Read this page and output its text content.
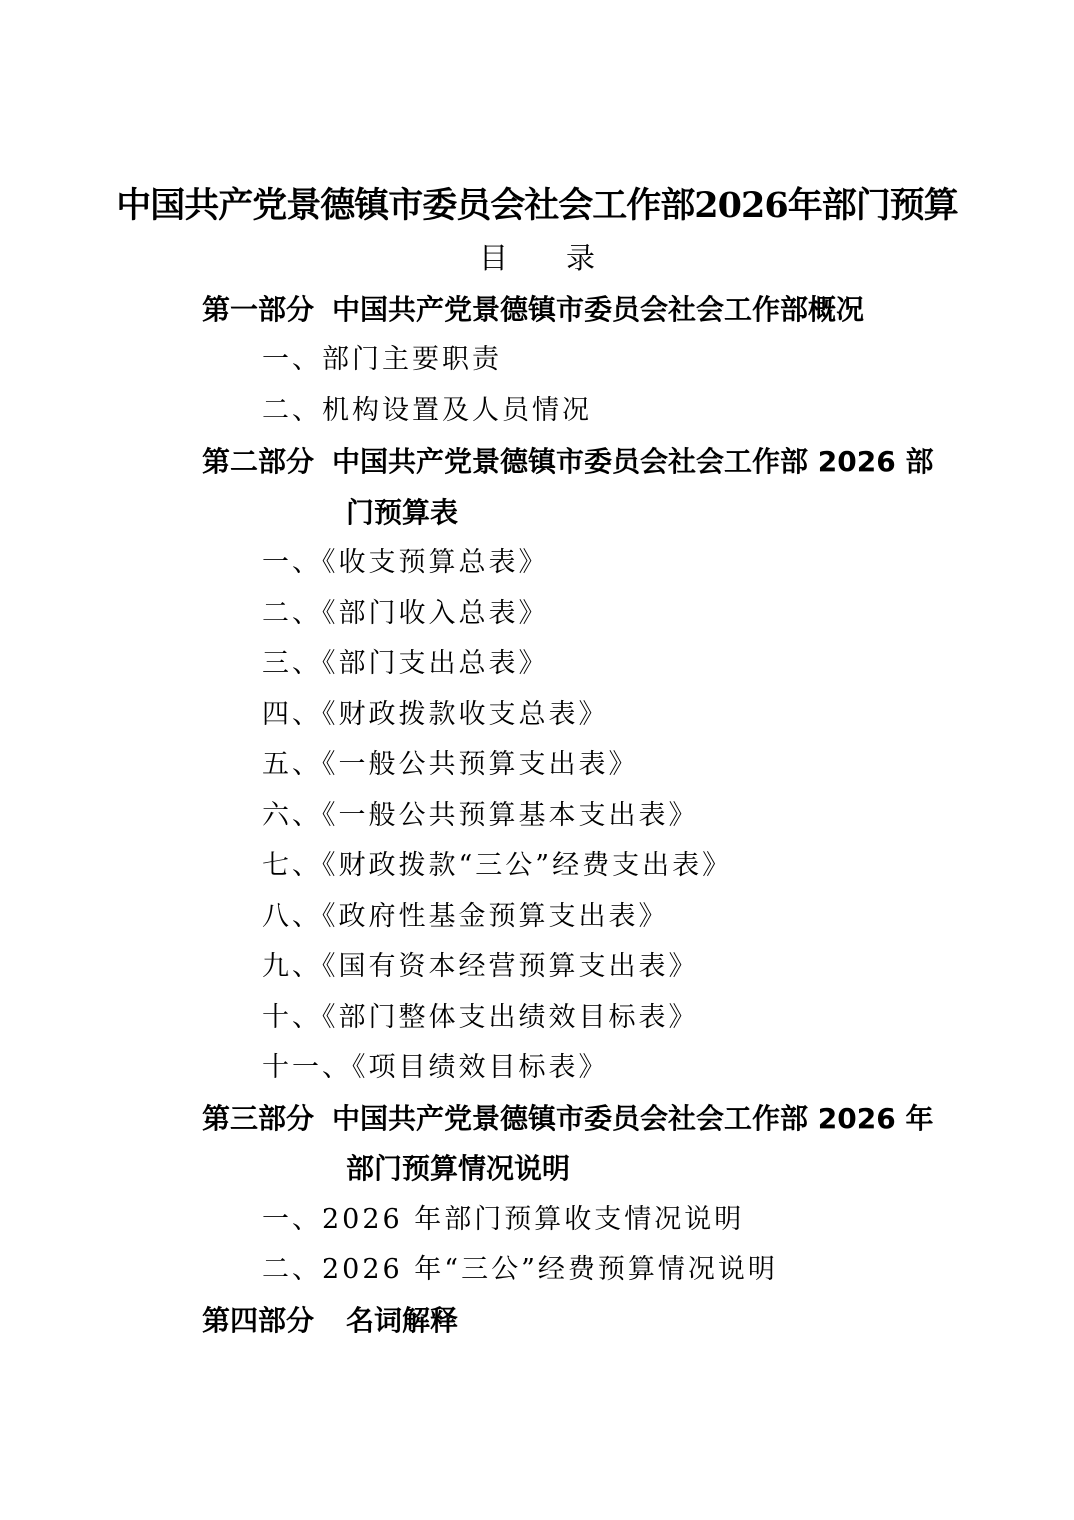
中国共产党景德镇市委员会社会工作部2026年部门预算
目录
第一部分 中国共产党景德镇市委员会社会工作部概况
一、部门主要职责
二、机构设置及人员情况
第二部分 中国共产党景德镇市委员会社会工作部 2026 部
门预算表
一、《收支预算总表》
二、《部门收入总表》
三、《部门支出总表》
四、《财政拨款收支总表》
五、《一般公共预算支出表》
六、《一般公共预算基本支出表》
七、《财政拨款“三公”经费支出表》
八、《政府性基金预算支出表》
九、《国有资本经营预算支出表》
十、《部门整体支出绩效目标表》
十一、《项目绩效目标表》
第三部分 中国共产党景德镇市委员会社会工作部 2026 年
部门预算情况说明
一、2026 年部门预算收支情况说明
二、2026 年“三公”经费预算情况说明
第四部分 名词解释
